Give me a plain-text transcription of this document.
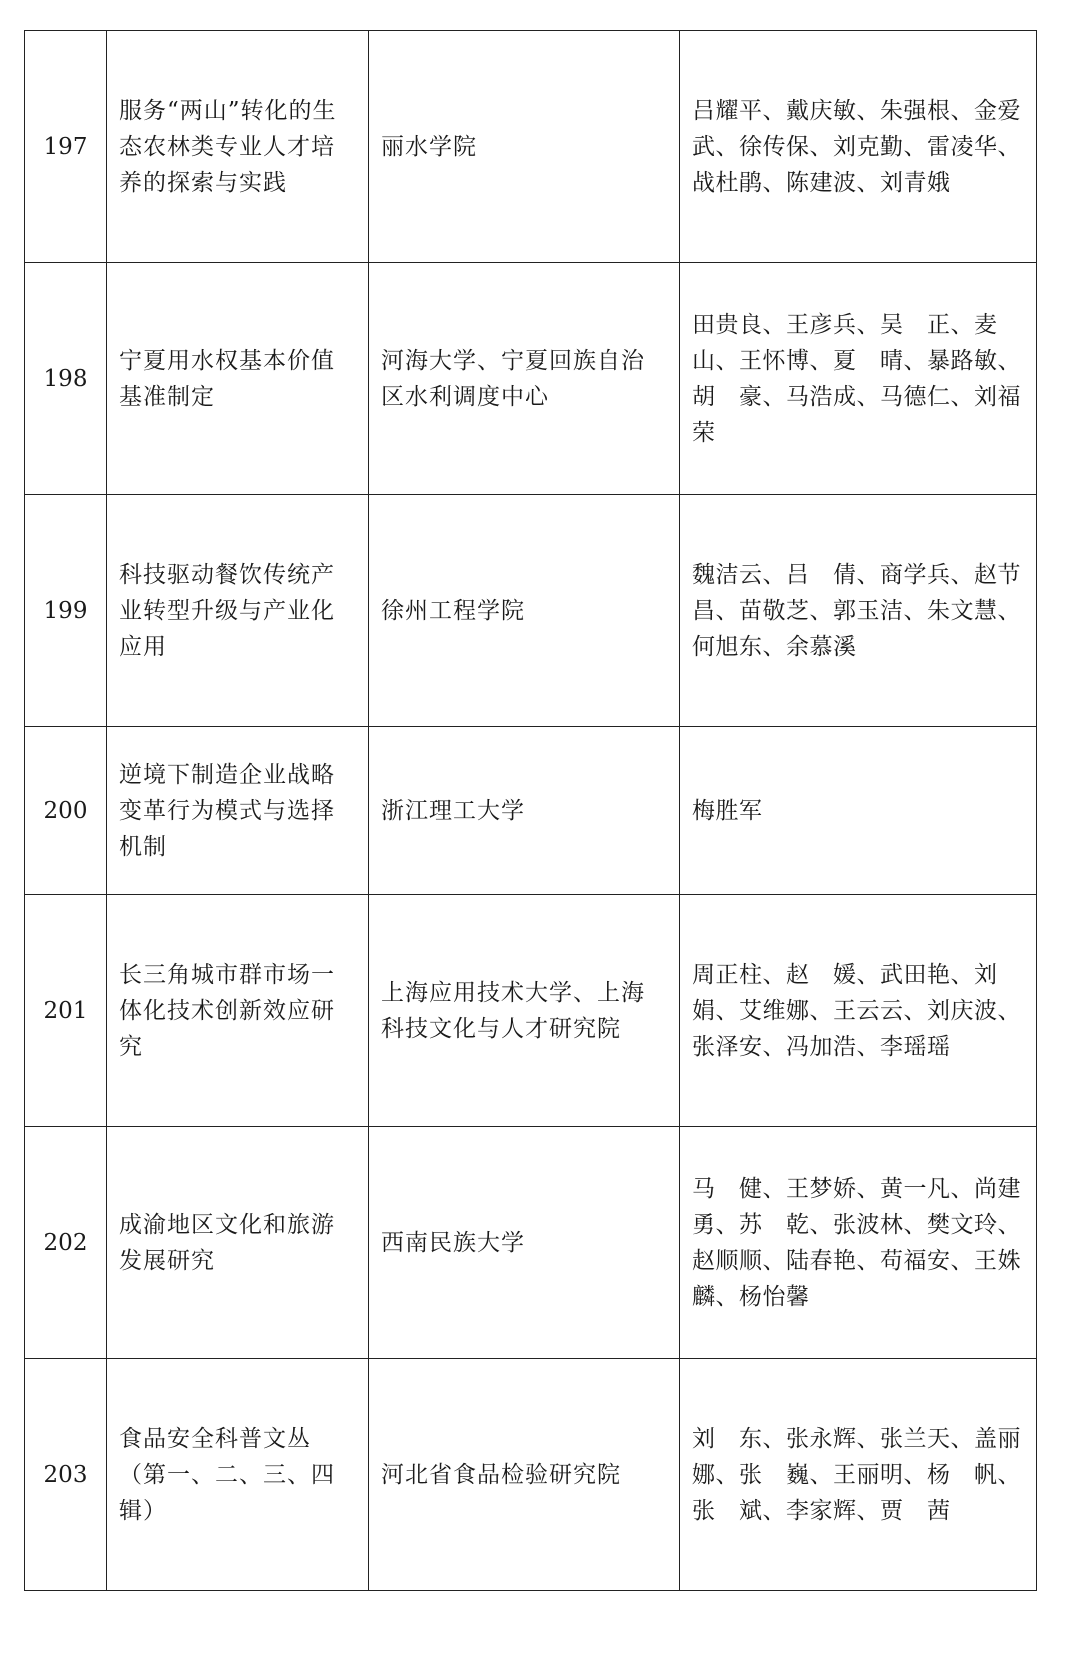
197	服务“两山”转化的生态农林类专业人才培养的探索与实践	丽水学院	吕耀平、戴庆敏、朱强根、金爱武、徐传保、刘克勤、雷凌华、战杜鹃、陈建波、刘青娥
198	宁夏用水权基本价值基准制定	河海大学、宁夏回族自治区水利调度中心	田贵良、王彦兵、吴　正、麦山、王怀博、夏　晴、暴路敏、胡　豪、马浩成、马德仁、刘福荣
199	科技驱动餐饮传统产业转型升级与产业化应用	徐州工程学院	魏洁云、吕　倩、商学兵、赵节昌、苗敬芝、郭玉洁、朱文慧、何旭东、余慕溪
200	逆境下制造企业战略变革行为模式与选择机制	浙江理工大学	梅胜军
201	长三角城市群市场一体化技术创新效应研究	上海应用技术大学、上海科技文化与人才研究院	周正柱、赵　媛、武田艳、刘娟、艾维娜、王云云、刘庆波、张泽安、冯加浩、李瑶瑶
202	成渝地区文化和旅游发展研究	西南民族大学	马　健、王梦娇、黄一凡、尚建勇、苏　乾、张波林、樊文玲、赵顺顺、陆春艳、苟福安、王姝麟、杨怡馨
203	食品安全科普文丛（第一、二、三、四辑）	河北省食品检验研究院	刘　东、张永辉、张兰天、盖丽娜、张　巍、王丽明、杨　帆、张　斌、李家辉、贾　茜
